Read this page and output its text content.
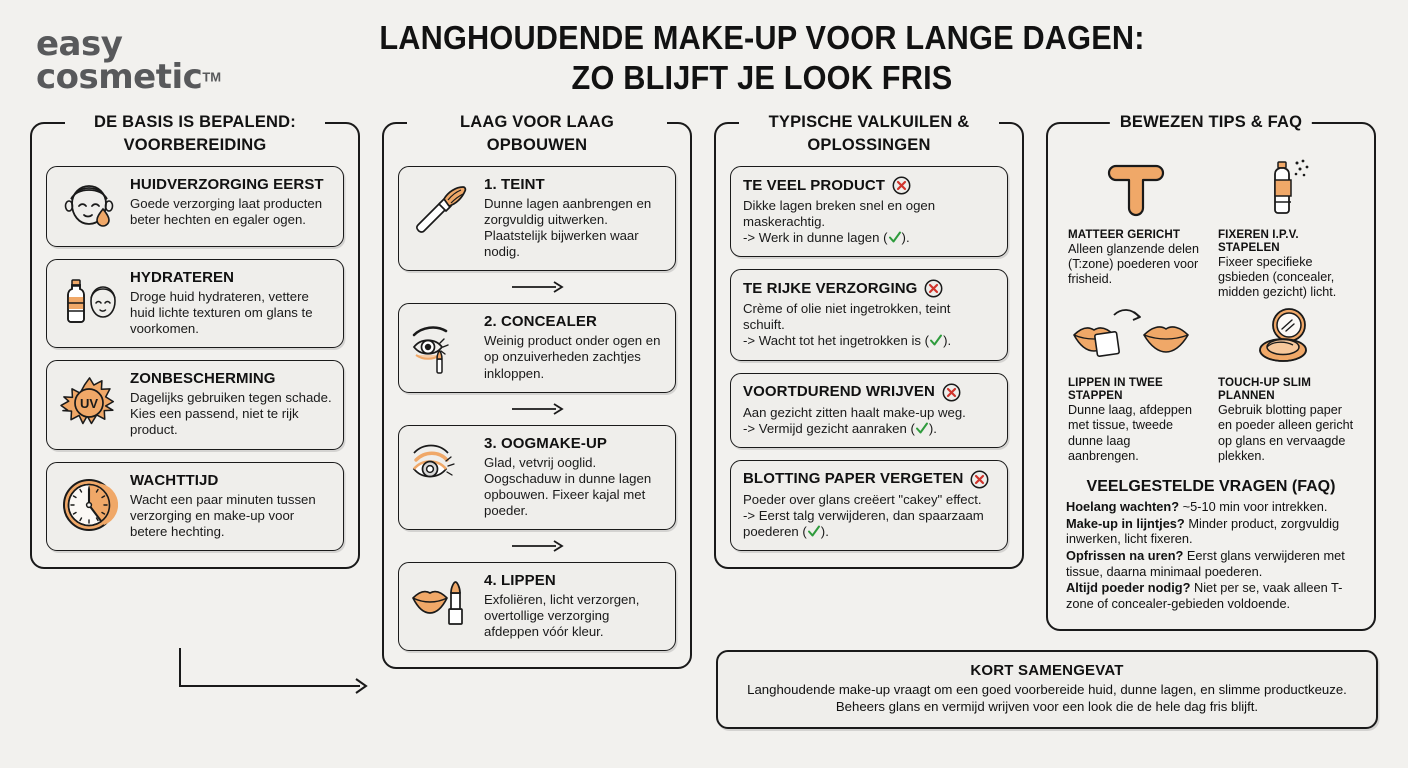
easy
cosmetic™
LANGHOUDENDE MAKE-UP VOOR LANGE DAGEN:
ZO BLIJFT JE LOOK FRIS
DE BASIS IS BEPALEND: VOORBEREIDING
HUIDVERZORGING EERST
Goede verzorging laat producten beter hechten en egaler ogen.
HYDRATEREN
Droge huid hydrateren, vettere huid lichte texturen om glans te voorkomen.
UV
ZONBESCHERMING
Dagelijks gebruiken tegen schade. Kies een passend, niet te rijk product.
WACHTTIJD
Wacht een paar minuten tussen verzorging en make-up voor betere hechting.
LAAG VOOR LAAG OPBOUWEN
1. TEINT
Dunne lagen aanbrengen en zorgvuldig uitwerken. Plaatstelijk bijwerken waar nodig.
2. CONCEALER
Weinig product onder ogen en op onzuiverheden zachtjes inkloppen.
3. OOGMAKE-UP
Glad, vetvrij ooglid. Oogschaduw in dunne lagen opbouwen. Fixeer kajal met poeder.
4. LIPPEN
Exfoliëren, licht verzorgen, overtollige verzorging afdeppen vóór kleur.
TYPISCHE VALKUILEN & OPLOSSINGEN
TE VEEL PRODUCT
Dikke lagen breken snel en ogen maskerachtig.
-> Werk in dunne lagen ( ).
TE RIJKE VERZORGING
Crème of olie niet ingetrokken, teint schuift.
-> Wacht tot het ingetrokken is ( ).
VOORTDUREND WRIJVEN
Aan gezicht zitten haalt make-up weg.
-> Vermijd gezicht aanraken ( ).
BLOTTING PAPER VERGETEN
Poeder over glans creëert "cakey" effect.
-> Eerst talg verwijderen, dan spaarzaam poederen ( ).
BEWEZEN TIPS & FAQ
MATTEER GERICHT
Alleen glanzende delen (T:zone) poederen voor frisheid.
FIXEREN I.P.V. STAPELEN
Fixeer specifieke gsbieden (concealer, midden gezicht) licht.
LIPPEN IN TWEE STAPPEN
Dunne laag, afdeppen met tissue, tweede dunne laag aanbrengen.
TOUCH-UP SLIM PLANNEN
Gebruik blotting paper en poeder alleen gericht op glans en vervaagde plekken.
VEELGESTELDE VRAGEN (FAQ)
Hoelang wachten? ~5-10 min voor intrekken.
Make-up in lijntjes? Minder product, zorgvuldig inwerken, licht fixeren.
Opfrissen na uren? Eerst glans verwijderen met tissue, daarna minimaal poederen.
Altijd poeder nodig? Niet per se, vaak alleen T-zone of concealer-gebieden voldoende.
KORT SAMENGEVAT
Langhoudende make-up vraagt om een goed voorbereide huid, dunne lagen, en slimme productkeuze. Beheers glans en vermijd wrijven voor een look die de hele dag fris blijft.
